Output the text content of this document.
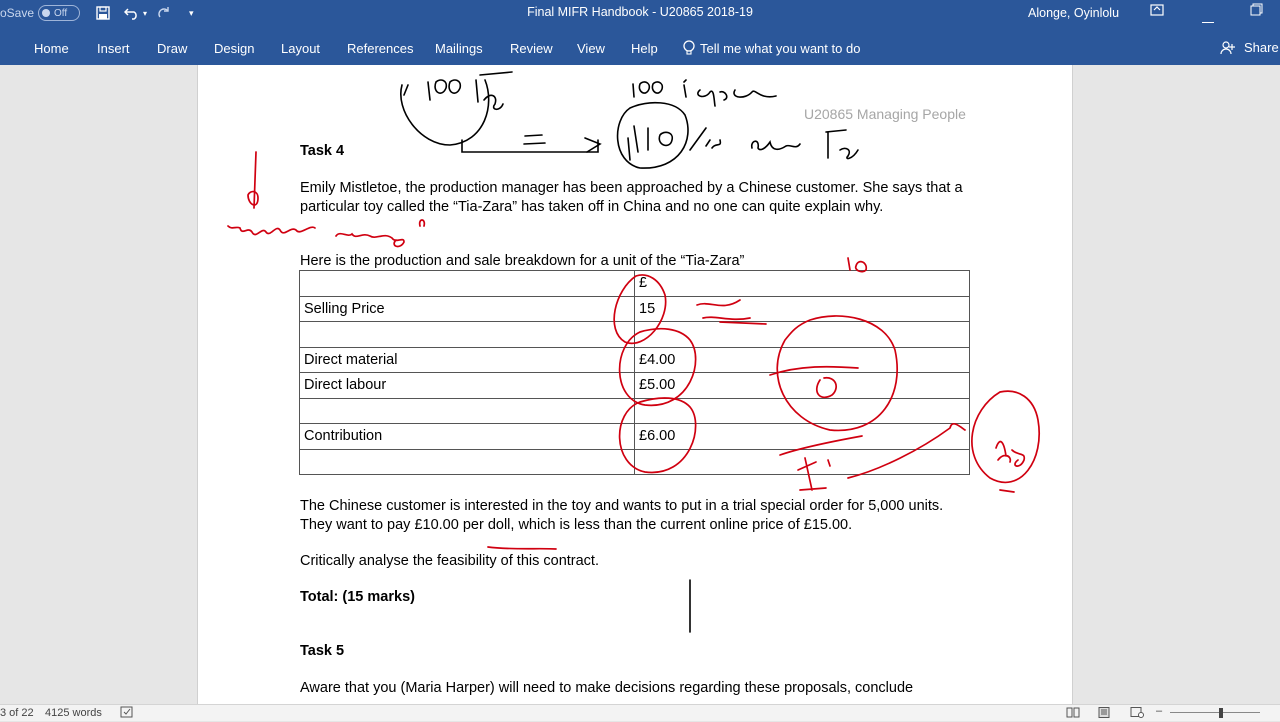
oSave Off	▾	▾	Final MIFR Handbook - U20865 2018-19	Alonge, Oyinlolu
Home Insert Draw Design Layout References Mailings Review View Help	Tell me what you want to do	Share
U20865 Managing People
Task 4
Emily Mistletoe, the production manager has been approached by a Chinese customer. She says that a particular toy called the “Tia-Zara” has taken off in China and no one can quite explain why.
Here is the production and sale breakdown for a unit of the “Tia-Zara”
	£
Selling Price	15

Direct material	£4.00
Direct labour	£5.00

Contribution	£6.00

The Chinese customer is interested in the toy and wants to put in a trial special order for 5,000 units. They want to pay £10.00 per doll, which is less than the current online price of £15.00.
Critically analyse the feasibility of this contract.
Total: (15 marks)
Task 5
Aware that you (Maria Harper) will need to make decisions regarding these proposals, conclude
3 of 22 4125 words	–
